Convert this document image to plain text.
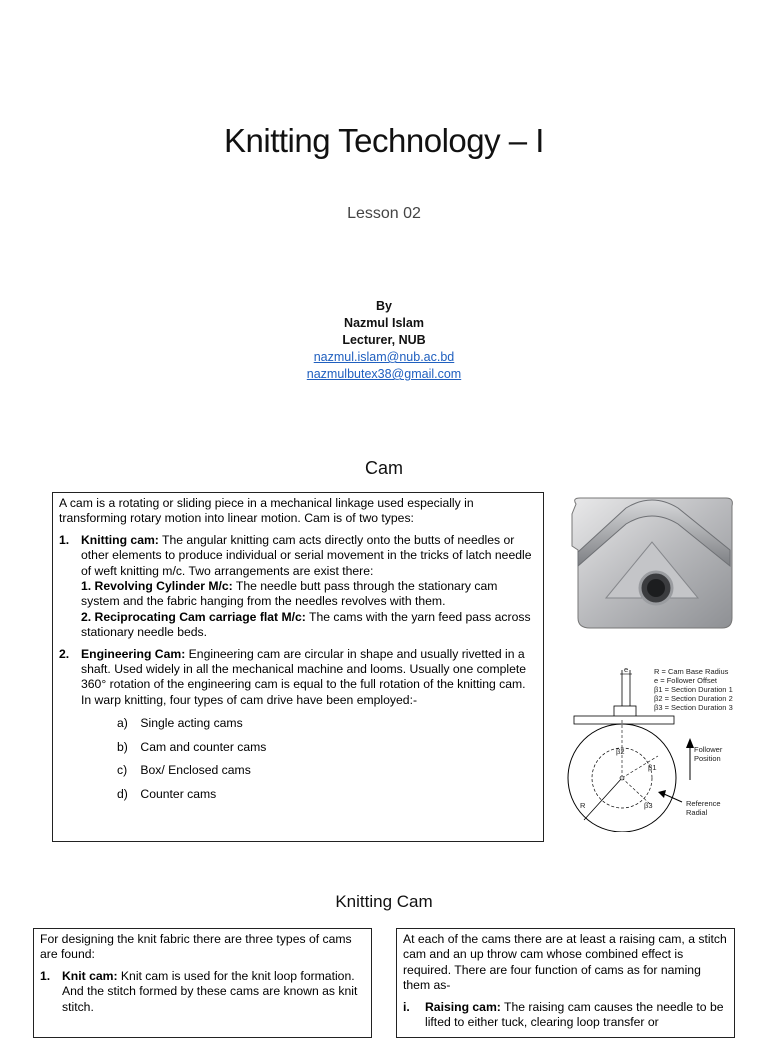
Knitting Technology – I
Lesson 02
By
Nazmul Islam
Lecturer, NUB
nazmul.islam@nub.ac.bd
nazmulbutex38@gmail.com
Cam

A cam is a rotating or sliding piece in a mechanical linkage used especially in transforming rotary motion into linear motion. Cam is of two types:

1. Knitting cam: The angular knitting cam acts directly onto the butts of needles or other elements to produce individual or serial movement in the tricks of latch needle of weft knitting m/c. Two arrangements are exist there:
1. Revolving Cylinder M/c: The needle butt pass through the stationary cam system and the fabric hanging from the needles revolves with them.
2. Reciprocating Cam carriage flat M/c: The cams with the yarn feed pass across stationary needle beds.
2. Engineering Cam: Engineering cam are circular in shape and usually rivetted in a shaft. Used widely in all the mechanical machine and looms. Usually one complete 360° rotation of the engineering cam is equal to the full rotation of the knitting cam. In warp knitting, four types of cam drive have been employed:-
a) Single acting cams
b) Cam and counter cams
c) Box/ Enclosed cams
d) Counter cams
e
β2
β1
β3
R
Follower
Position
Reference
Radial
R = Cam Base Radius
e = Follower Offset
β1 = Section Duration 1
β2 = Section Duration 2
β3 = Section Duration 3
Knitting Cam

For designing the knit fabric there are three types of cams are found:

1. Knit cam: Knit cam is used for the knit loop formation. And the stitch formed by these cams are known as knit stitch.

At each of the cams there are at least a raising cam, a stitch cam and an up throw cam whose combined effect is required. There are four function of cams as for naming them as-

i. Raising cam: The raising cam causes the needle to be lifted to either tuck, clearing loop transfer or
